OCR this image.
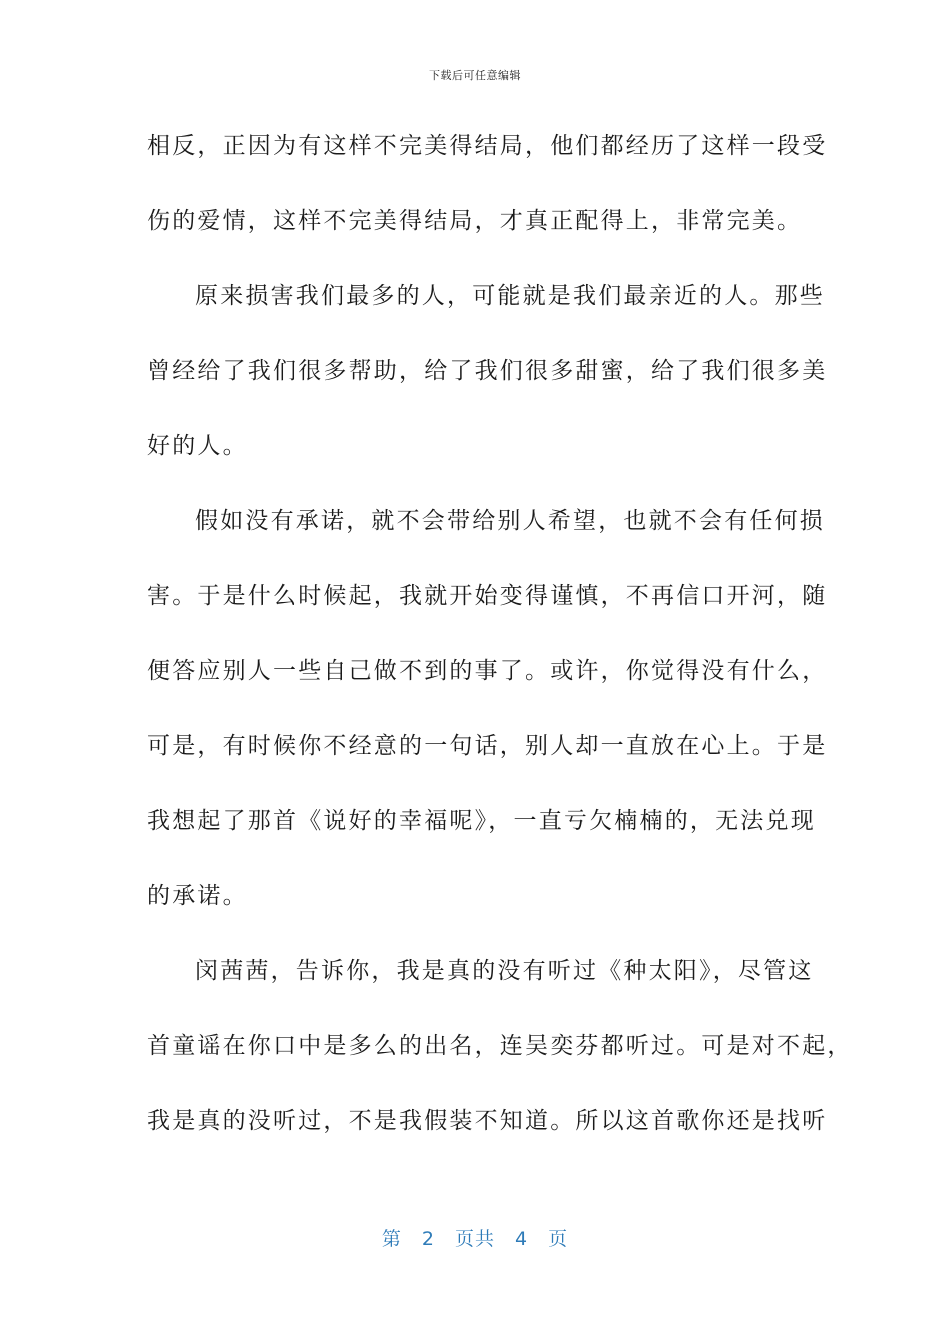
下载后可任意编辑
相反，正因为有这样不完美得结局，他们都经历了这样一段受
伤的爱情，这样不完美得结局，才真正配得上，非常完美。
原来损害我们最多的人，可能就是我们最亲近的人。那些
曾经给了我们很多帮助，给了我们很多甜蜜，给了我们很多美
好的人。
假如没有承诺，就不会带给别人希望，也就不会有任何损
害。于是什么时候起，我就开始变得谨慎，不再信口开河，随
便答应别人一些自己做不到的事了。或许，你觉得没有什么，
可是，有时候你不经意的一句话，别人却一直放在心上。于是
我想起了那首《说好的幸福呢》，一直亏欠楠楠的，无法兑现
的承诺。
闵茜茜，告诉你，我是真的没有听过《种太阳》，尽管这
首童谣在你口中是多么的出名，连吴奕芬都听过。可是对不起，
我是真的没听过，不是我假装不知道。所以这首歌你还是找听
第 2 页共 4 页
